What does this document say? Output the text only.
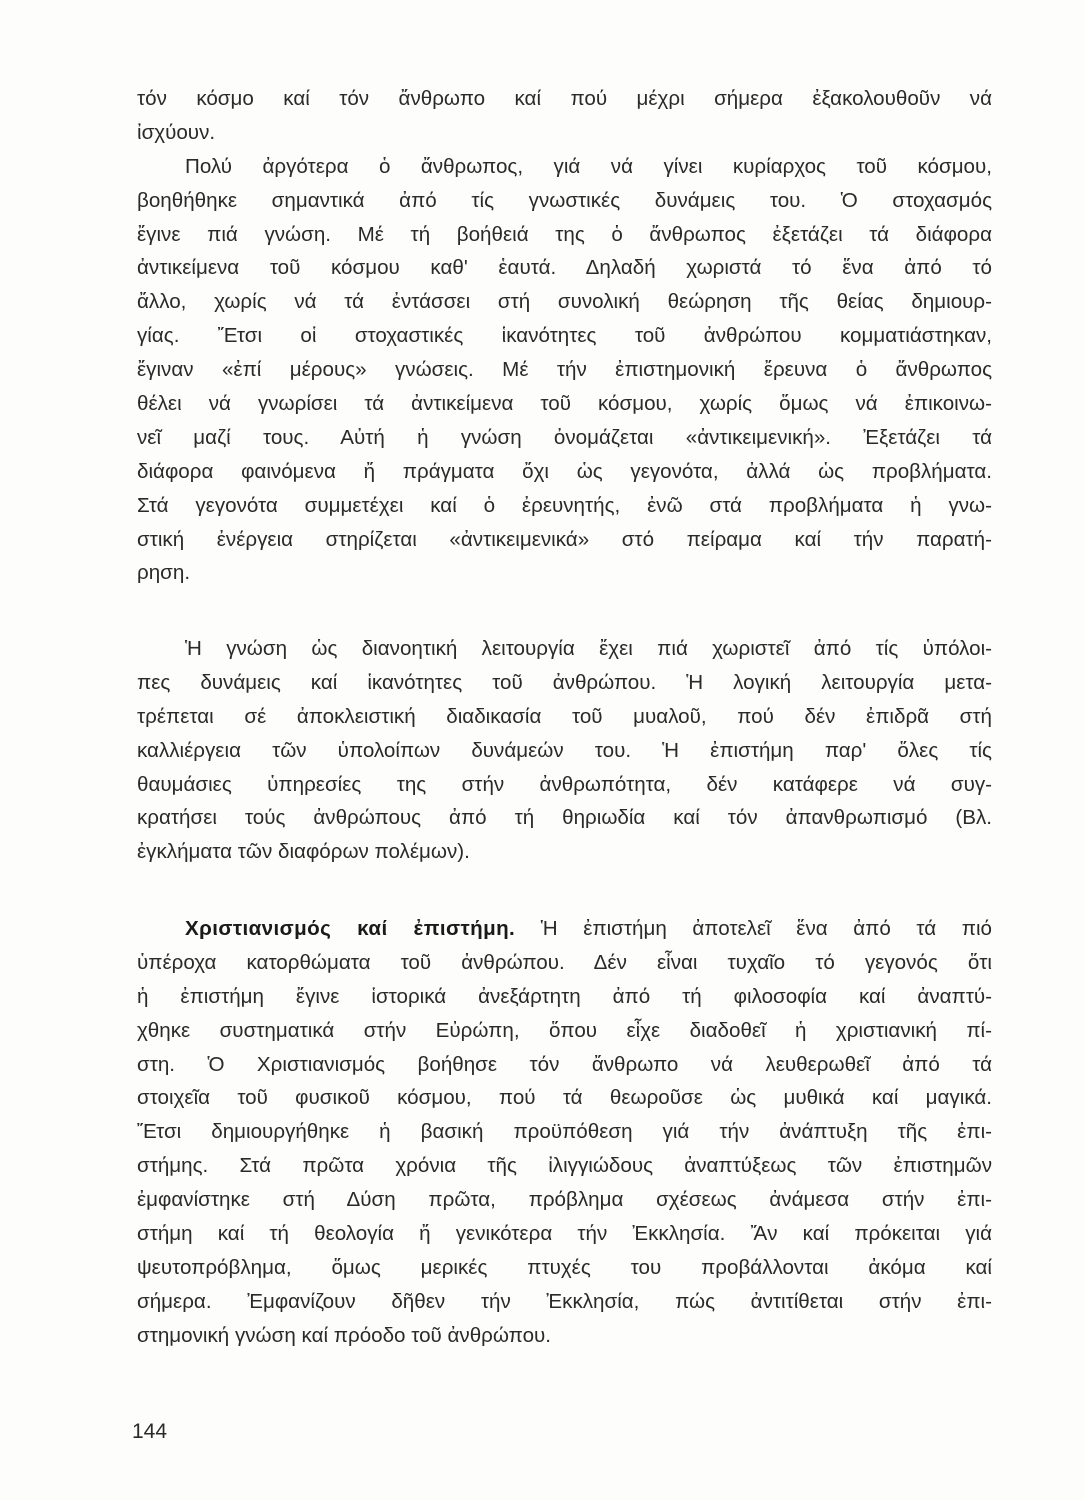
τόν κόσμο καί τόν ἄνθρωπο καί πού μέχρι σήμερα ἐξακολουθοῦν νά
ἰσχύουν.
Πολύ ἀργότερα ὁ ἄνθρωπος, γιά νά γίνει κυρίαρχος τοῦ κόσμου,
βοηθήθηκε σημαντικά ἀπό τίς γνωστικές δυνάμεις του. Ὁ στοχασμός
ἔγινε πιά γνώση. Μέ τή βοήθειά της ὁ ἄνθρωπος ἐξετάζει τά διάφορα
ἀντικείμενα τοῦ κόσμου καθ' ἑαυτά. Δηλαδή χωριστά τό ἕνα ἀπό τό
ἄλλο, χωρίς νά τά ἐντάσσει στή συνολική θεώρηση τῆς θείας δημιουρ-
γίας. Ἔτσι οἱ στοχαστικές ἱκανότητες τοῦ ἀνθρώπου κομματιάστηκαν,
ἔγιναν «ἐπί μέρους» γνώσεις. Μέ τήν ἐπιστημονική ἔρευνα ὁ ἄνθρωπος
θέλει νά γνωρίσει τά ἀντικείμενα τοῦ κόσμου, χωρίς ὅμως νά ἐπικοινω-
νεῖ μαζί τους. Αὐτή ἡ γνώση ὀνομάζεται «ἀντικειμενική». Ἐξετάζει τά
διάφορα φαινόμενα ἤ πράγματα ὄχι ὡς γεγονότα, ἀλλά ὡς προβλήματα.
Στά γεγονότα συμμετέχει καί ὁ ἐρευνητής, ἐνῶ στά προβλήματα ἡ γνω-
στική ἐνέργεια στηρίζεται «ἀντικειμενικά» στό πείραμα καί τήν παρατή-
ρηση.
Ἡ γνώση ὡς διανοητική λειτουργία ἔχει πιά χωριστεῖ ἀπό τίς ὑπόλοι-
πες δυνάμεις καί ἱκανότητες τοῦ ἀνθρώπου. Ἡ λογική λειτουργία μετα-
τρέπεται σέ ἀποκλειστική διαδικασία τοῦ μυαλοῦ, πού δέν ἐπιδρᾶ στή
καλλιέργεια τῶν ὑπολοίπων δυνάμεών του. Ἡ ἐπιστήμη παρ' ὅλες τίς
θαυμάσιες ὑπηρεσίες της στήν ἀνθρωπότητα, δέν κατάφερε νά συγ-
κρατήσει τούς ἀνθρώπους ἀπό τή θηριωδία καί τόν ἀπανθρωπισμό (Βλ.
ἐγκλήματα τῶν διαφόρων πολέμων).
Χριστιανισμός καί ἐπιστήμη. Ἡ ἐπιστήμη ἀποτελεῖ ἕνα ἀπό τά πιό
ὑπέροχα κατορθώματα τοῦ ἀνθρώπου. Δέν εἶναι τυχαῖο τό γεγονός ὅτι
ἡ ἐπιστήμη ἔγινε ἱστορικά ἀνεξάρτητη ἀπό τή φιλοσοφία καί ἀναπτύ-
χθηκε συστηματικά στήν Εὐρώπη, ὅπου εἶχε διαδοθεῖ ἡ χριστιανική πί-
στη. Ὁ Χριστιανισμός βοήθησε τόν ἄνθρωπο νά λευθερωθεῖ ἀπό τά
στοιχεῖα τοῦ φυσικοῦ κόσμου, πού τά θεωροῦσε ὡς μυθικά καί μαγικά.
Ἔτσι δημιουργήθηκε ἡ βασική προϋπόθεση γιά τήν ἀνάπτυξη τῆς ἐπι-
στήμης. Στά πρῶτα χρόνια τῆς ἰλιγγιώδους ἀναπτύξεως τῶν ἐπιστημῶν
ἐμφανίστηκε στή Δύση πρῶτα, πρόβλημα σχέσεως ἀνάμεσα στήν ἐπι-
στήμη καί τή θεολογία ἤ γενικότερα τήν Ἐκκλησία. Ἄν καί πρόκειται γιά
ψευτοπρόβλημα, ὅμως μερικές πτυχές του προβάλλονται ἀκόμα καί
σήμερα. Ἐμφανίζουν δῆθεν τήν Ἐκκλησία, πώς ἀντιτίθεται στήν ἐπι-
στημονική γνώση καί πρόοδο τοῦ ἀνθρώπου.
144
